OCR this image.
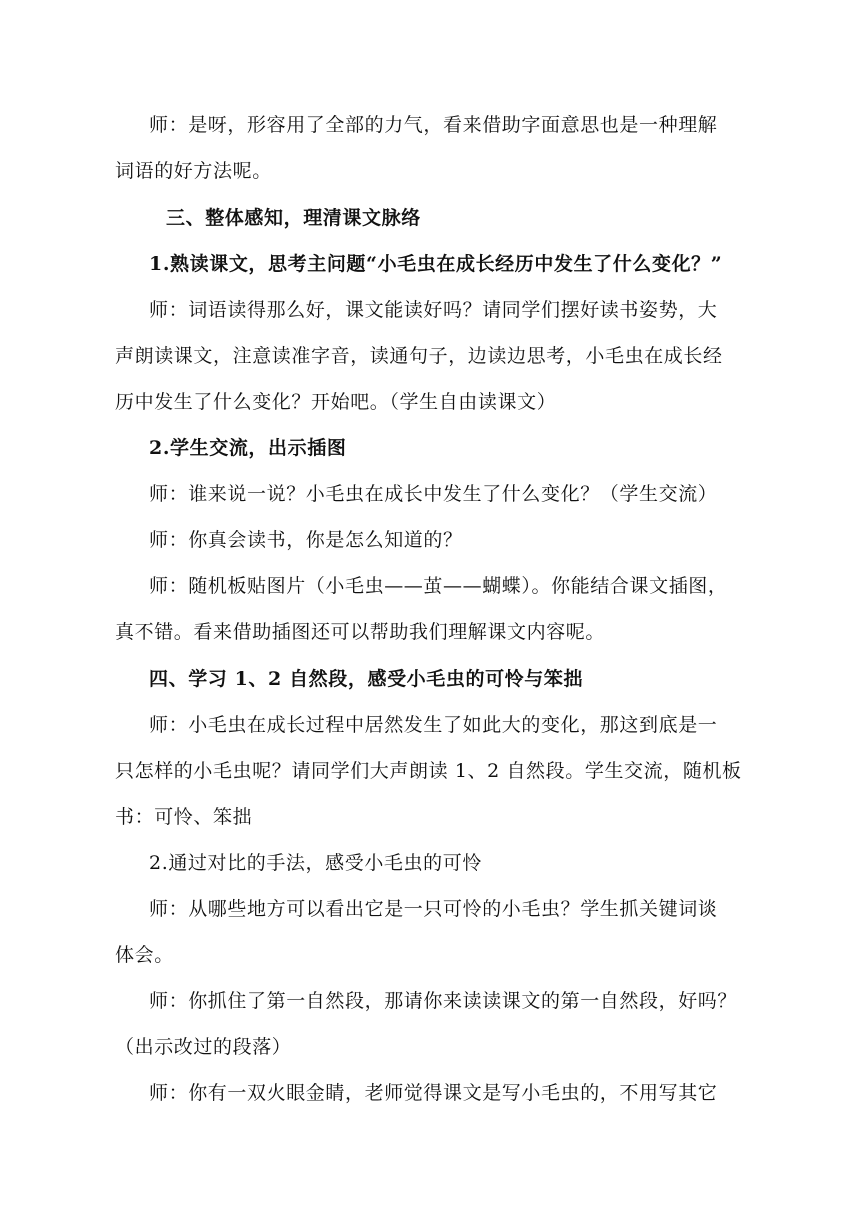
师：是呀，形容用了全部的力气，看来借助字面意思也是一种理解
词语的好方法呢。
三、整体感知，理清课文脉络
1.熟读课文，思考主问题“小毛虫在成长经历中发生了什么变化？”
师：词语读得那么好，课文能读好吗？请同学们摆好读书姿势，大
声朗读课文，注意读准字音，读通句子，边读边思考，小毛虫在成长经
历中发生了什么变化？开始吧。（学生自由读课文）
2.学生交流，出示插图
师：谁来说一说？小毛虫在成长中发生了什么变化？（学生交流）
师：你真会读书，你是怎么知道的？
师：随机板贴图片（小毛虫——茧——蝴蝶）。你能结合课文插图，
真不错。看来借助插图还可以帮助我们理解课文内容呢。
四、学习 1、2 自然段，感受小毛虫的可怜与笨拙
师：小毛虫在成长过程中居然发生了如此大的变化，那这到底是一
只怎样的小毛虫呢？请同学们大声朗读 1、2 自然段。学生交流，随机板
书：可怜、笨拙
2.通过对比的手法，感受小毛虫的可怜
师：从哪些地方可以看出它是一只可怜的小毛虫？学生抓关键词谈
体会。
师：你抓住了第一自然段，那请你来读读课文的第一自然段，好吗？
（出示改过的段落）
师：你有一双火眼金睛，老师觉得课文是写小毛虫的，不用写其它
